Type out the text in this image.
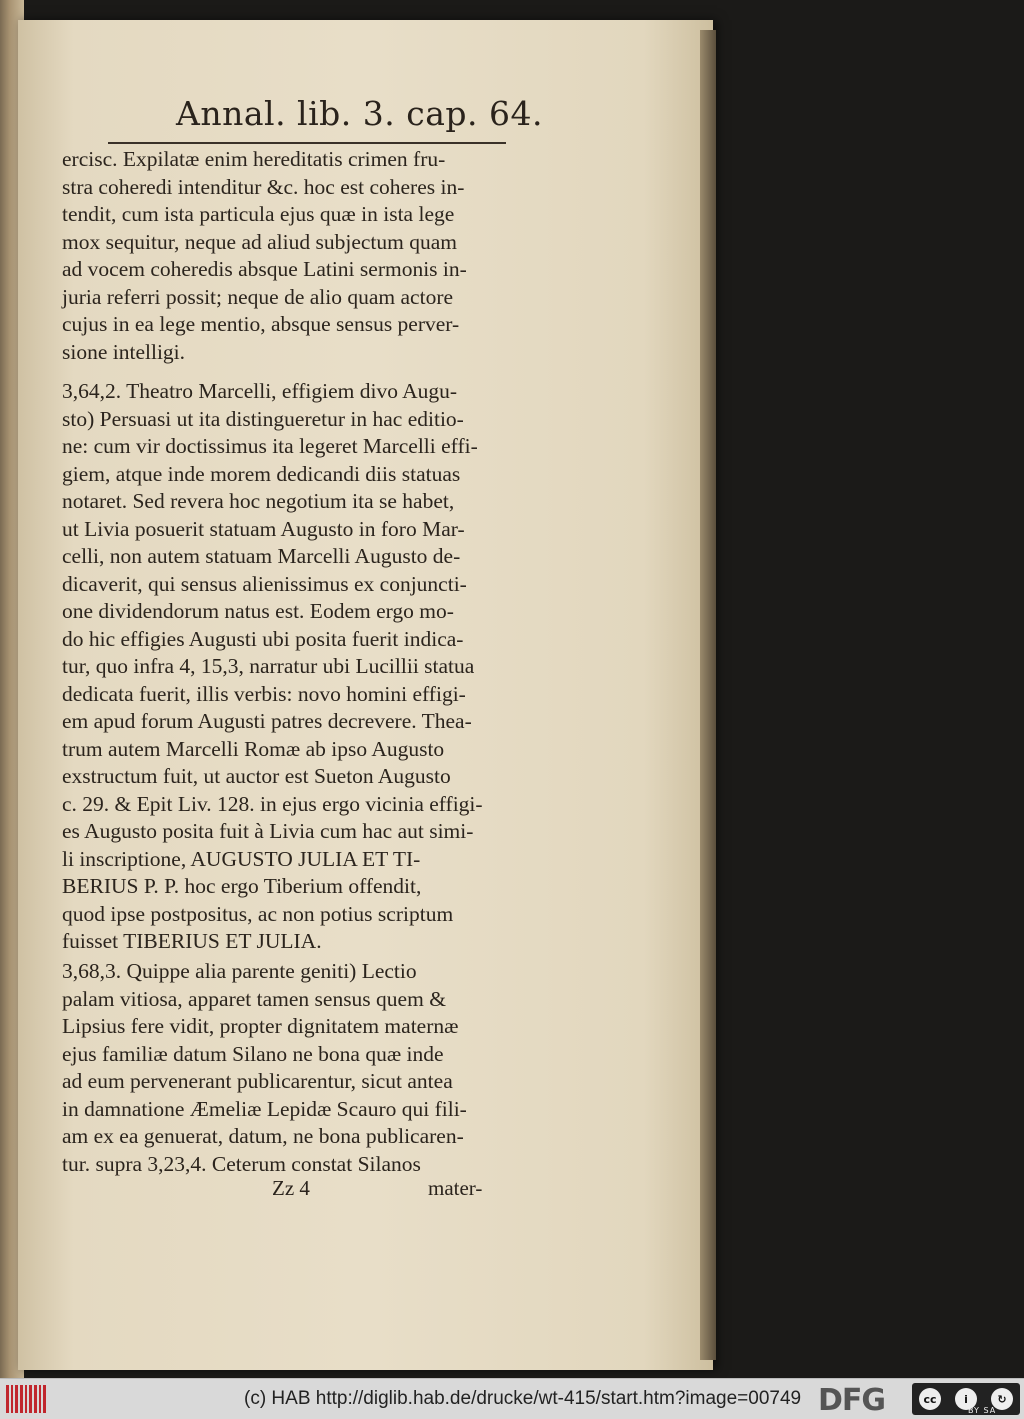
Annal. lib. 3. cap. 64.
ercisc. Expilatæ enim hereditatis crimen fru-
stra coheredi intenditur &c. hoc est coheres in-
tendit, cum ista particula ejus quæ in ista lege
mox sequitur, neque ad aliud subjectum quam
ad vocem coheredis absque Latini sermonis in-
juria referri possit; neque de alio quam actore
cujus in ea lege mentio, absque sensus perver-
sione intelligi.
3,64,2. Theatro Marcelli, effigiem divo Augu-
sto) Persuasi ut ita distingueretur in hac editio-
ne: cum vir doctissimus ita legeret Marcelli effi-
giem, atque inde morem dedicandi diis statuas
notaret. Sed revera hoc negotium ita se habet,
ut Livia posuerit statuam Augusto in foro Mar-
celli, non autem statuam Marcelli Augusto de-
dicaverit, qui sensus alienissimus ex conjuncti-
one dividendorum natus est. Eodem ergo mo-
do hic effigies Augusti ubi posita fuerit indica-
tur, quo infra 4, 15,3, narratur ubi Lucillii statua
dedicata fuerit, illis verbis: novo homini effigi-
em apud forum Augusti patres decrevere. Thea-
trum autem Marcelli Romæ ab ipso Augusto
exstructum fuit, ut auctor est Sueton Augusto
c. 29. & Epit Liv. 128. in ejus ergo vicinia effigi-
es Augusto posita fuit à Livia cum hac aut simi-
li inscriptione, AUGUSTO JULIA ET TI-
BERIUS P. P. hoc ergo Tiberium offendit,
quod ipse postpositus, ac non potius scriptum
fuisset TIBERIUS ET JULIA.
3,68,3. Quippe alia parente geniti) Lectio
palam vitiosa, apparet tamen sensus quem &
Lipsius fere vidit, propter dignitatem maternæ
ejus familiæ datum Silano ne bona quæ inde
ad eum pervenerant publicarentur, sicut antea
in damnatione Æmeliæ Lepidæ Scauro qui fili-
am ex ea genuerat, datum, ne bona publicaren-
tur. supra 3,23,4. Ceterum constat Silanos
Zz 4	mater-
(c) HAB http://diglib.hab.de/drucke/wt-415/start.htm?image=00749 DFG	cc	i	↻
BY SA
